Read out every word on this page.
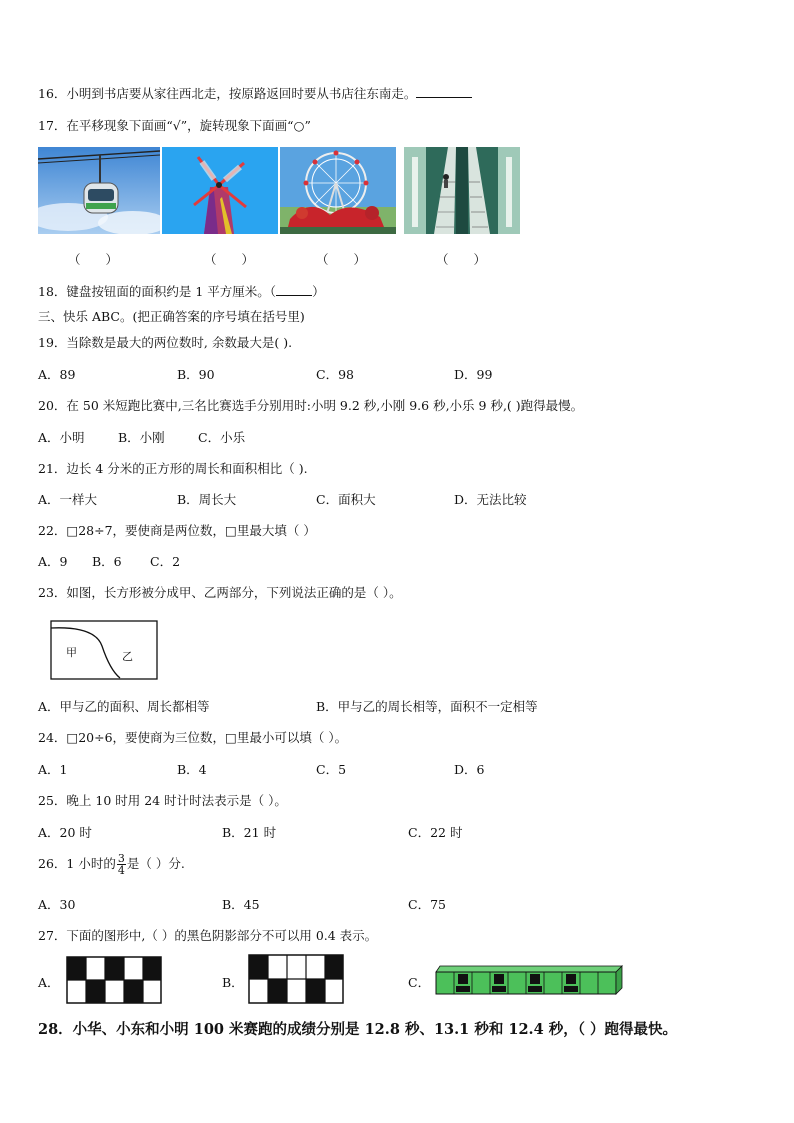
16．小明到书店要从家往西北走，按原路返回时要从书店往东南走。
17．在平移现象下面画“√”，旋转现象下面画“○”
（　　）	（　　）	（　　）	（　　）
18．键盘按钮面的面积约是 1 平方厘米。（	）
三、快乐 ABC。(把正确答案的序号填在括号里)
19．当除数是最大的两位数时, 余数最大是( ).
A．89	B．90	C．98	D．99
20．在 50 米短跑比赛中,三名比赛选手分别用时:小明 9.2 秒,小刚 9.6 秒,小乐 9 秒,( )跑得最慢。
A．小明	B．小刚	C．小乐
21．边长 4 分米的正方形的周长和面积相比（ ).
A．一样大	B．周长大	C．面积大	D．无法比较
22．□28÷7，要使商是两位数，□里最大填（ ）
A．9 B．6 C．2
23．如图，长方形被分成甲、乙两部分，下列说法正确的是（ ）。
甲	乙
A．甲与乙的面积、周长都相等	B．甲与乙的周长相等，面积不一定相等
24．□20÷6，要使商为三位数，□里最小可以填（ ）。
A．1	B．4	C．5	D．6
25．晚上 10 时用 24 时计时法表示是（ ）。
A．20 时	B．21 时	C．22 时
26．1 小时的 $\frac{3}{4}$ 是（ ）分.
A．30	B．45	C．75
27．下面的图形中,（ ）的黑色阴影部分不可以用 0.4 表示。
A．	B．	C．
28．小华、小东和小明 100 米赛跑的成绩分别是 12.8 秒、13.1 秒和 12.4 秒，（ ）跑得最快。
